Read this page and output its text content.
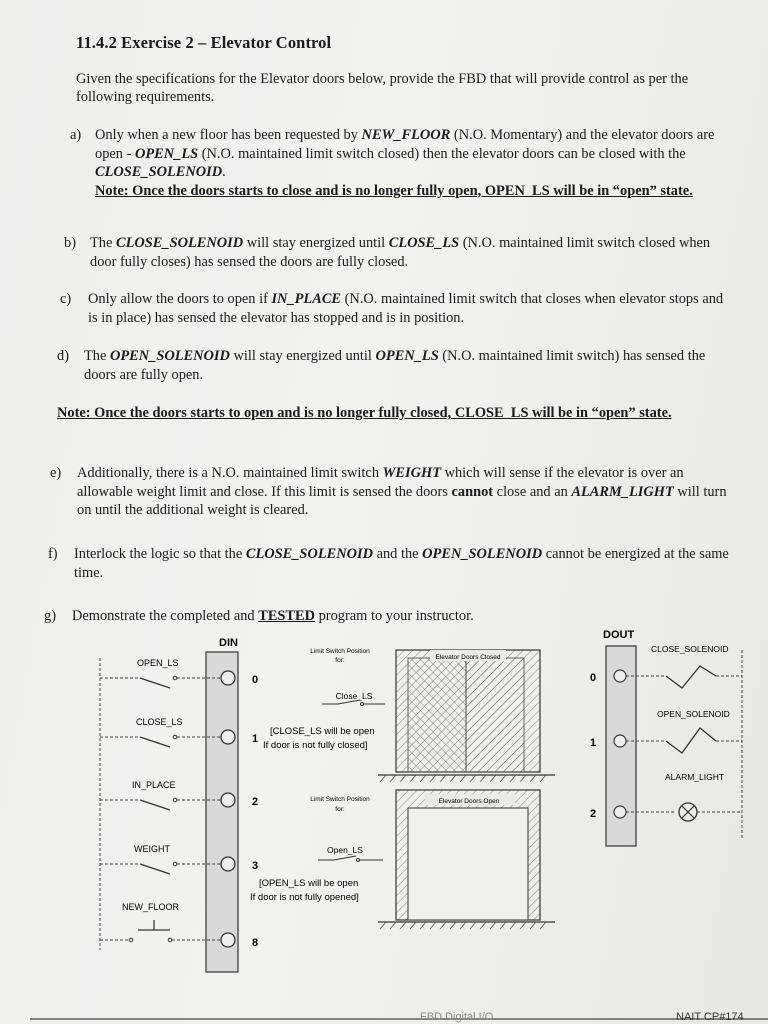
11.4.2 Exercise 2 – Elevator Control
Given the specifications for the Elevator doors below, provide the FBD that will provide control as per the following requirements.
a) Only when a new floor has been requested by NEW_FLOOR (N.O. Momentary) and the elevator doors are open - OPEN_LS (N.O. maintained limit switch closed) then the elevator doors can be closed with the CLOSE_SOLENOID.
Note: Once the doors starts to close and is no longer fully open, OPEN_LS will be in “open” state.
b) The CLOSE_SOLENOID will stay energized until CLOSE_LS (N.O. maintained limit switch closed when door fully closes) has sensed the doors are fully closed.
c) Only allow the doors to open if IN_PLACE (N.O. maintained limit switch that closes when elevator stops and is in place) has sensed the elevator has stopped and is in position.
d) The OPEN_SOLENOID will stay energized until OPEN_LS (N.O. maintained limit switch) has sensed the doors are fully open.
Note: Once the doors starts to open and is no longer fully closed, CLOSE_LS will be in “open” state.
e) Additionally, there is a N.O. maintained limit switch WEIGHT which will sense if the elevator is over an allowable weight limit and close. If this limit is sensed the doors cannot close and an ALARM_LIGHT will turn on until the additional weight is cleared.
f) Interlock the logic so that the CLOSE_SOLENOID and the OPEN_SOLENOID cannot be energized at the same time.
g) Demonstrate the completed and TESTED program to your instructor.
DIN
OPEN_LS
0
CLOSE_LS
1
IN_PLACE
2
WEIGHT
3
NEW_FLOOR
8
Limit Switch Position
for:
Close_LS
[CLOSE_LS will be open
If door is not fully closed]
Elevator Doors Closed
Limit Switch Position
for:
Open_LS
[OPEN_LS will be open
If door is not fully opened]
Elevator Doors Open
DOUT
0
CLOSE_SOLENOID
1
OPEN_SOLENOID
2
ALARM_LIGHT
FBD Digital I/O	NAIT CP#174
